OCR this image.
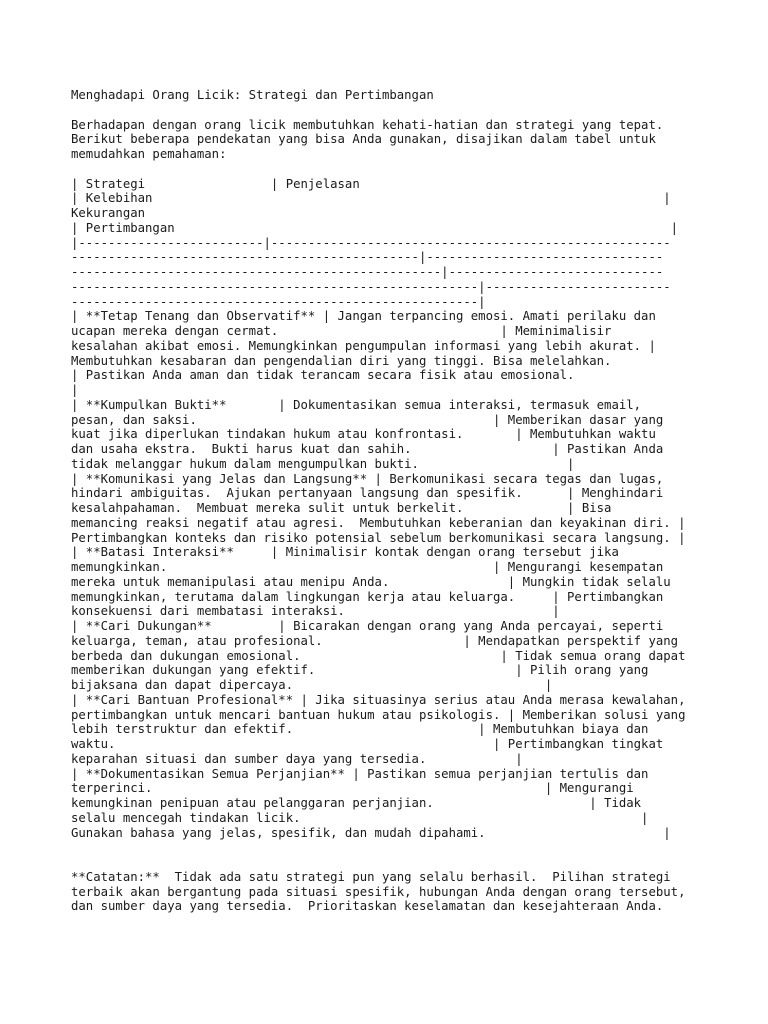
Menghadapi Orang Licik: Strategi dan Pertimbangan
Berhadapan dengan orang licik membutuhkan kehati-hatian dan strategi yang tepat.
Berikut beberapa pendekatan yang bisa Anda gunakan, disajikan dalam tabel untuk
memudahkan pemahaman:
| Strategi                 | Penjelasan
| Kelebihan                                                                     |
Kekurangan
| Pertimbangan                                                                   |
|-------------------------|------------------------------------------------------
-----------------------------------------------|--------------------------------
--------------------------------------------------|-----------------------------
-------------------------------------------------------|-------------------------
-------------------------------------------------------|
| **Tetap Tenang dan Observatif** | Jangan terpancing emosi. Amati perilaku dan
ucapan mereka dengan cermat.                              | Meminimalisir
kesalahan akibat emosi. Memungkinkan pengumpulan informasi yang lebih akurat. |
Membutuhkan kesabaran dan pengendalian diri yang tinggi. Bisa melelahkan.
| Pastikan Anda aman dan tidak terancam secara fisik atau emosional.
|
| **Kumpulkan Bukti**       | Dokumentasikan semua interaksi, termasuk email,
pesan, dan saksi.                                        | Memberikan dasar yang
kuat jika diperlukan tindakan hukum atau konfrontasi.       | Membutuhkan waktu
dan usaha ekstra.  Bukti harus kuat dan sahih.                   | Pastikan Anda
tidak melanggar hukum dalam mengumpulkan bukti.                    |
| **Komunikasi yang Jelas dan Langsung** | Berkomunikasi secara tegas dan lugas,
hindari ambiguitas.  Ajukan pertanyaan langsung dan spesifik.      | Menghindari
kesalahpahaman.  Membuat mereka sulit untuk berkelit.              | Bisa
memancing reaksi negatif atau agresi.  Membutuhkan keberanian dan keyakinan diri. |
Pertimbangkan konteks dan risiko potensial sebelum berkomunikasi secara langsung. |
| **Batasi Interaksi**     | Minimalisir kontak dengan orang tersebut jika
memungkinkan.                                            | Mengurangi kesempatan
mereka untuk memanipulasi atau menipu Anda.                | Mungkin tidak selalu
memungkinkan, terutama dalam lingkungan kerja atau keluarga.     | Pertimbangkan
konsekuensi dari membatasi interaksi.                            |
| **Cari Dukungan**         | Bicarakan dengan orang yang Anda percayai, seperti
keluarga, teman, atau profesional.                   | Mendapatkan perspektif yang
berbeda dan dukungan emosional.                           | Tidak semua orang dapat
memberikan dukungan yang efektif.                           | Pilih orang yang
bijaksana dan dapat dipercaya.                                  |
| **Cari Bantuan Profesional** | Jika situasinya serius atau Anda merasa kewalahan,
pertimbangkan untuk mencari bantuan hukum atau psikologis. | Memberikan solusi yang
lebih terstruktur dan efektif.                         | Membutuhkan biaya dan
waktu.                                                   | Pertimbangkan tingkat
keparahan situasi dan sumber daya yang tersedia.            |
| **Dokumentasikan Semua Perjanjian** | Pastikan semua perjanjian tertulis dan
terperinci.                                                     | Mengurangi
kemungkinan penipuan atau pelanggaran perjanjian.                     | Tidak
selalu mencegah tindakan licik.                                              |
Gunakan bahasa yang jelas, spesifik, dan mudah dipahami.                        |
**Catatan:**  Tidak ada satu strategi pun yang selalu berhasil.  Pilihan strategi
terbaik akan bergantung pada situasi spesifik, hubungan Anda dengan orang tersebut,
dan sumber daya yang tersedia.  Prioritaskan keselamatan dan kesejahteraan Anda.
